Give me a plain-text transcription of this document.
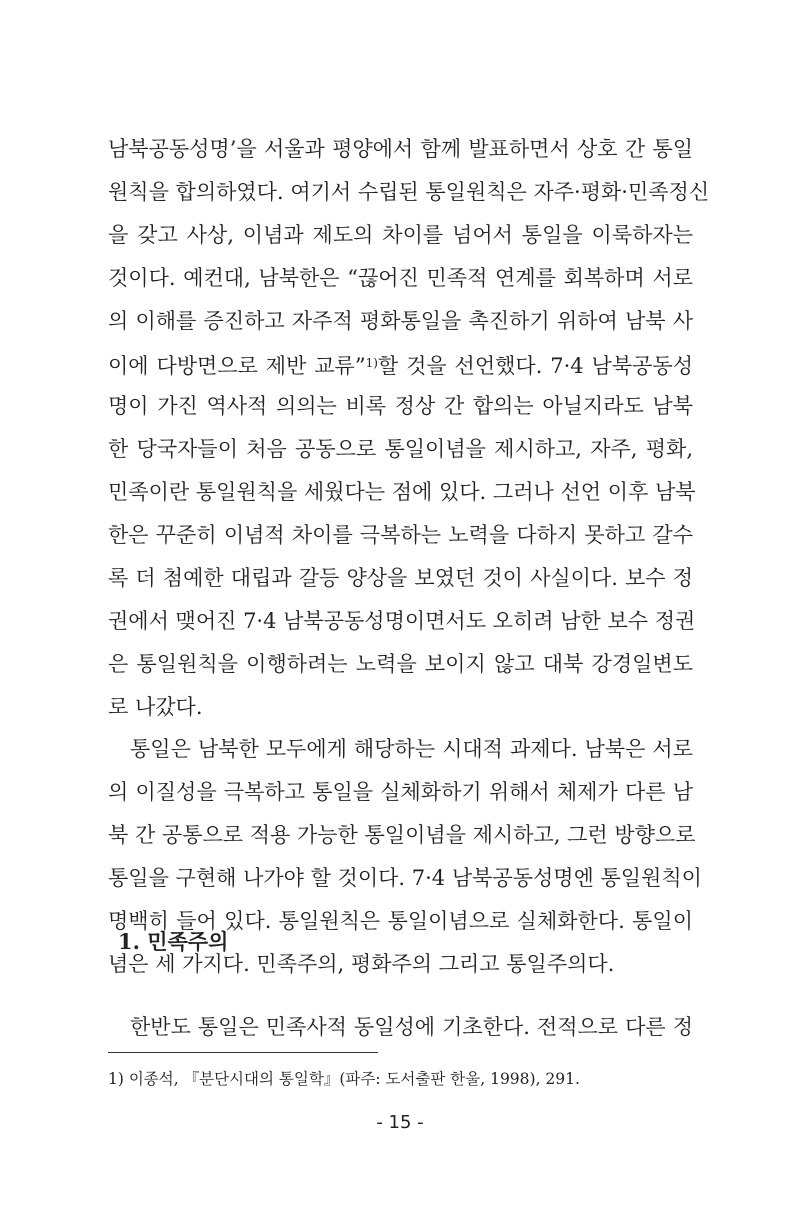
남북공동성명’을 서울과 평양에서 함께 발표하면서 상호 간 통일
원칙을 합의하였다. 여기서 수립된 통일원칙은 자주·평화·민족정신
을 갖고 사상, 이념과 제도의 차이를 넘어서 통일을 이룩하자는
것이다. 예컨대, 남북한은 “끊어진 민족적 연계를 회복하며 서로
의 이해를 증진하고 자주적 평화통일을 촉진하기 위하여 남북 사
이에 다방면으로 제반 교류”$^{1)}$할 것을 선언했다. 7·4 남북공동성
명이 가진 역사적 의의는 비록 정상 간 합의는 아닐지라도 남북
한 당국자들이 처음 공동으로 통일이념을 제시하고, 자주, 평화,
민족이란 통일원칙을 세웠다는 점에 있다. 그러나 선언 이후 남북
한은 꾸준히 이념적 차이를 극복하는 노력을 다하지 못하고 갈수
록 더 첨예한 대립과 갈등 양상을 보였던 것이 사실이다. 보수 정
권에서 맺어진 7·4 남북공동성명이면서도 오히려 남한 보수 정권
은 통일원칙을 이행하려는 노력을 보이지 않고 대북 강경일변도
로 나갔다.
통일은 남북한 모두에게 해당하는 시대적 과제다. 남북은 서로
의 이질성을 극복하고 통일을 실체화하기 위해서 체제가 다른 남
북 간 공통으로 적용 가능한 통일이념을 제시하고, 그런 방향으로
통일을 구현해 나가야 할 것이다. 7·4 남북공동성명엔 통일원칙이
명백히 들어 있다. 통일원칙은 통일이념으로 실체화한다. 통일이
념은 세 가지다. 민족주의, 평화주의 그리고 통일주의다.
1. 민족주의
한반도 통일은 민족사적 동일성에 기초한다. 전적으로 다른 정
1) 이종석, 『분단시대의 통일학』(파주: 도서출판 한울, 1998), 291.
- 15 -
